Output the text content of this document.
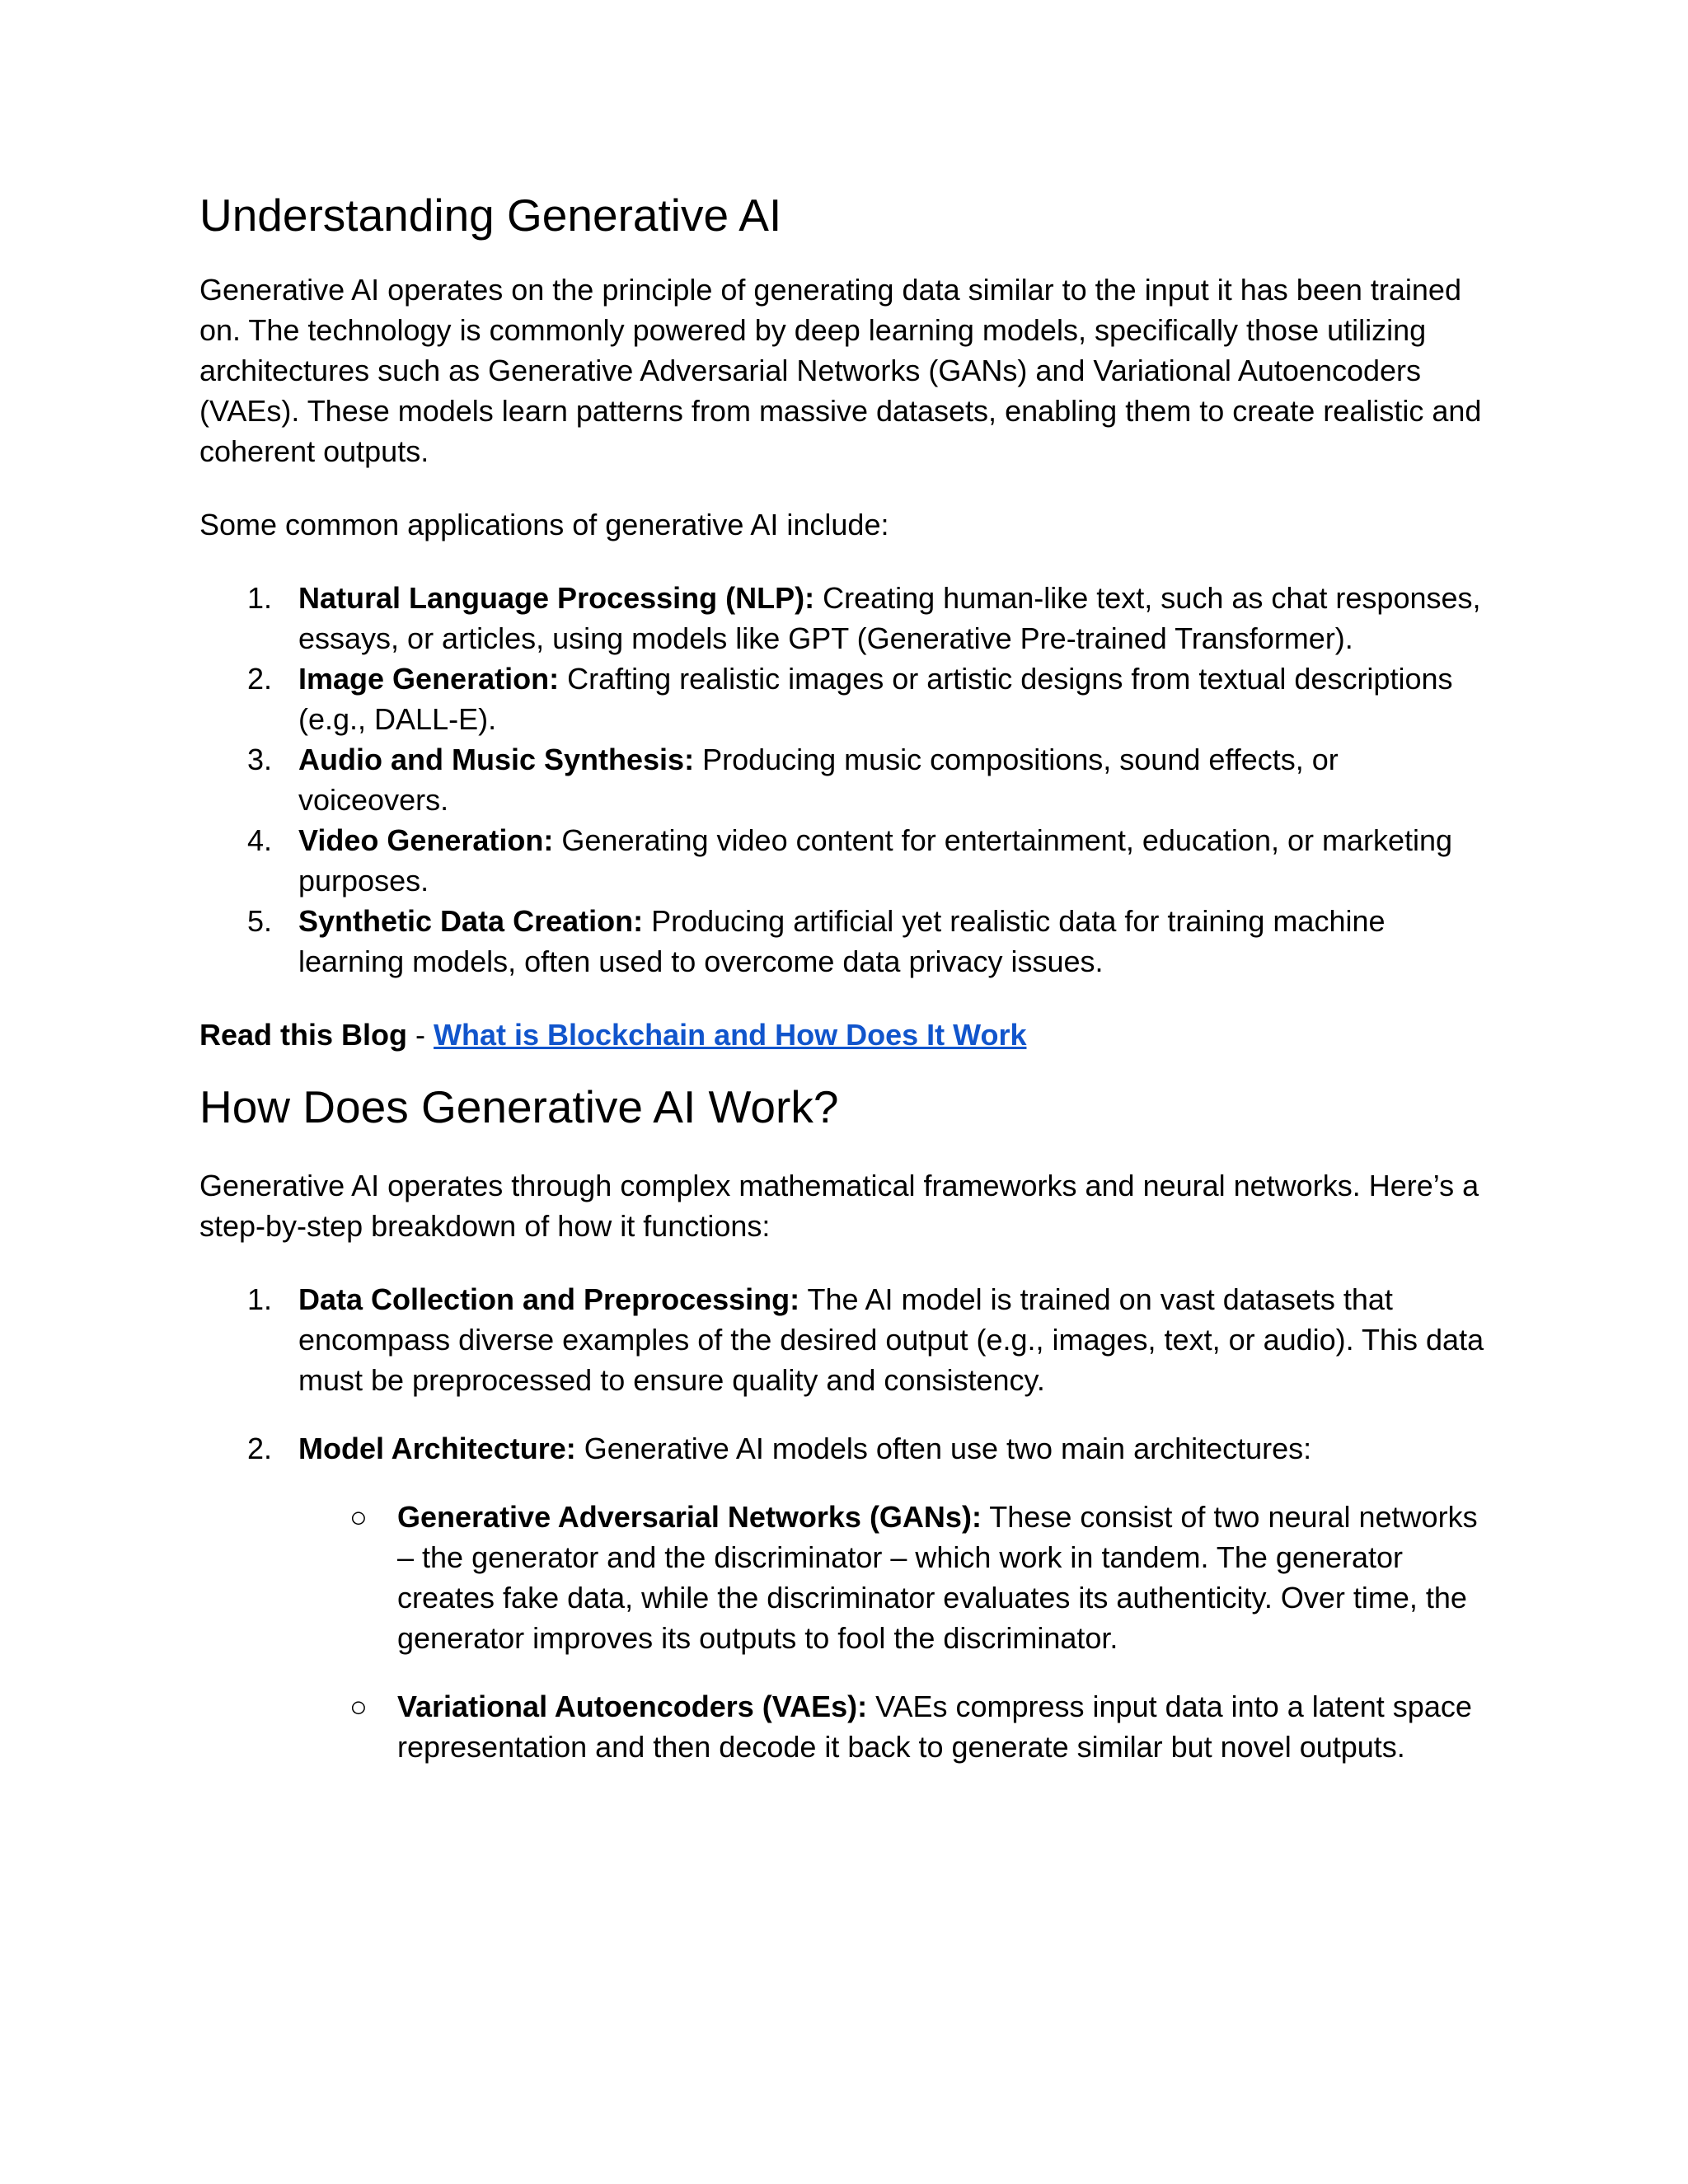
Understanding Generative AI

Generative AI operates on the principle of generating data similar to the input it has been trained on. The technology is commonly powered by deep learning models, specifically those utilizing architectures such as Generative Adversarial Networks (GANs) and Variational Autoencoders (VAEs). These models learn patterns from massive datasets, enabling them to create realistic and coherent outputs.

Some common applications of generative AI include:

1. Natural Language Processing (NLP): Creating human-like text, such as chat responses, essays, or articles, using models like GPT (Generative Pre-trained Transformer).
2. Image Generation: Crafting realistic images or artistic designs from textual descriptions (e.g., DALL-E).
3. Audio and Music Synthesis: Producing music compositions, sound effects, or voiceovers.
4. Video Generation: Generating video content for entertainment, education, or marketing purposes.
5. Synthetic Data Creation: Producing artificial yet realistic data for training machine learning models, often used to overcome data privacy issues.

Read this Blog - What is Blockchain and How Does It Work

How Does Generative AI Work?

Generative AI operates through complex mathematical frameworks and neural networks. Here’s a step-by-step breakdown of how it functions:

1. Data Collection and Preprocessing: The AI model is trained on vast datasets that encompass diverse examples of the desired output (e.g., images, text, or audio). This data must be preprocessed to ensure quality and consistency.
2. Model Architecture: Generative AI models often use two main architectures:
○ Generative Adversarial Networks (GANs): These consist of two neural networks – the generator and the discriminator – which work in tandem. The generator creates fake data, while the discriminator evaluates its authenticity. Over time, the generator improves its outputs to fool the discriminator.
○ Variational Autoencoders (VAEs): VAEs compress input data into a latent space representation and then decode it back to generate similar but novel outputs.
